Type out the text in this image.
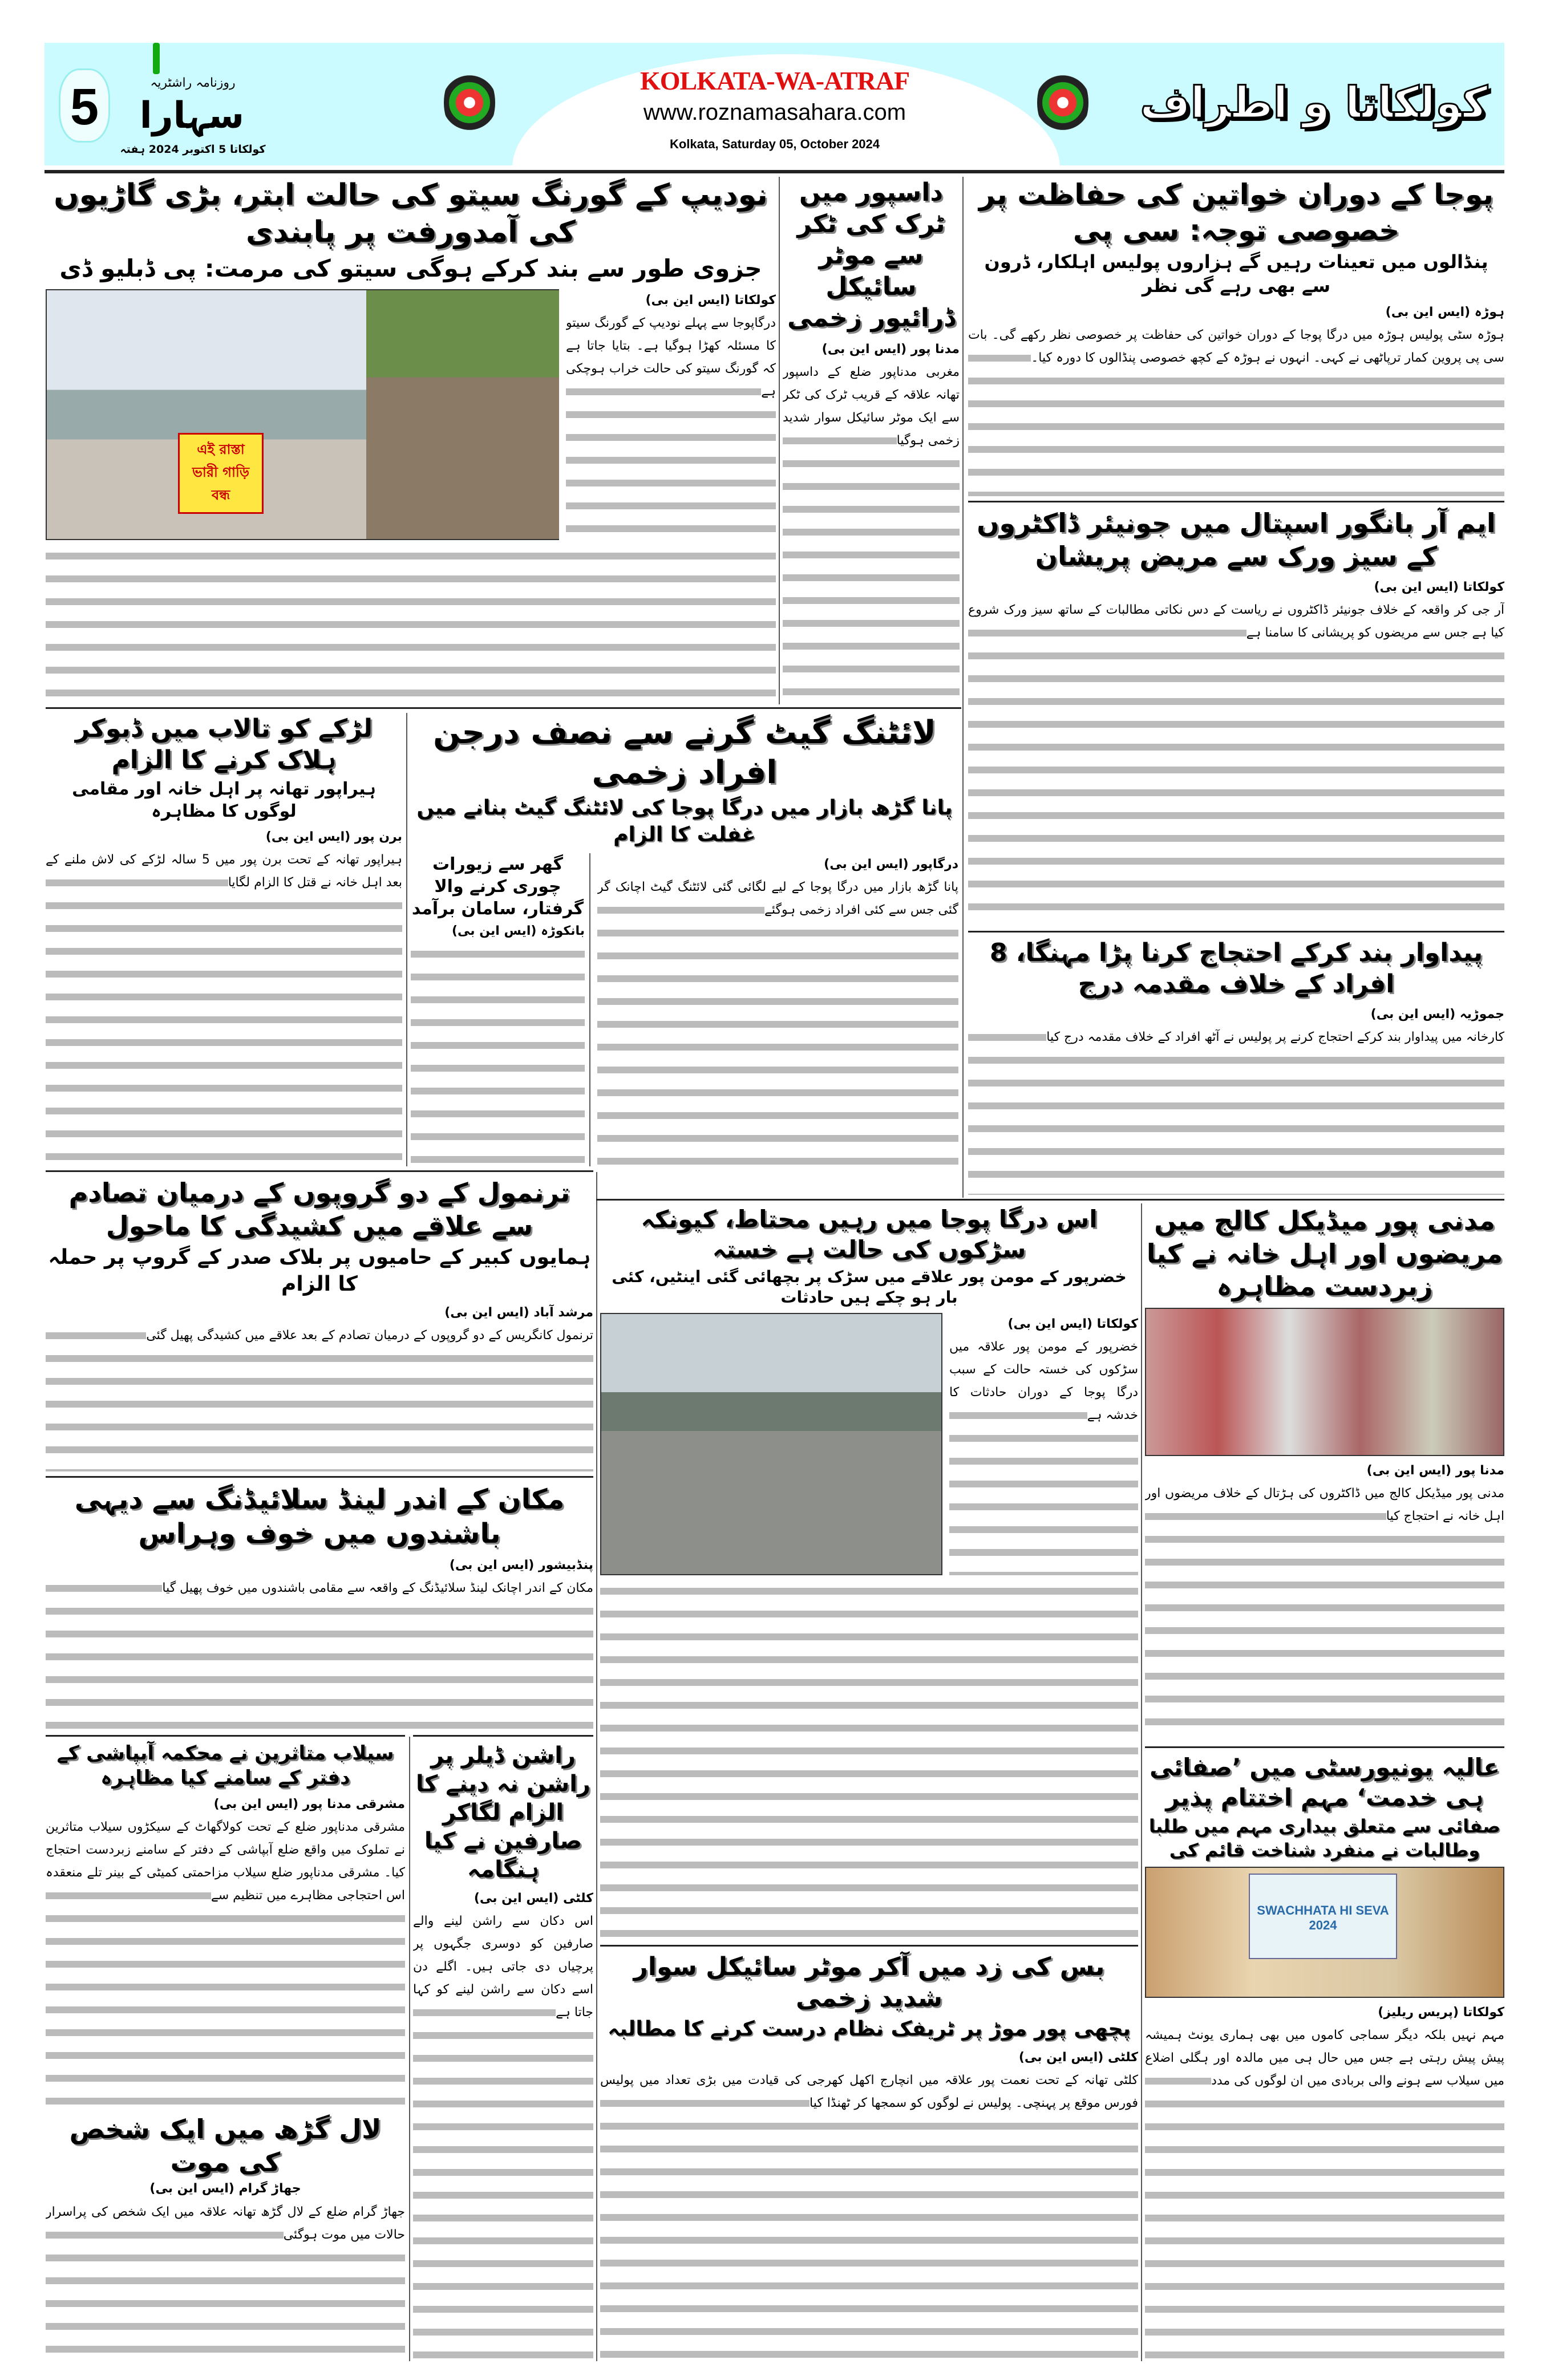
5	روزنامہ راشٹریہ
سہارا
کولکاتا 5 اکتوبر 2024 ہفتہ
KOLKATA-WA-ATRAF
www.roznamasahara.com
Kolkata, Saturday 05, October 2024
کولکاتا و اطراف
نودیپ کے گورنگ سیتو کی حالت ابتر، بڑی گاڑیوں کی آمدورفت پر پابندی
جزوی طور سے بند کرکے ہوگی سیتو کی مرمت: پی ڈبلیو ڈی
کولکاتا (ایس این بی)
درگاپوجا سے پہلے نودیپ کے گورنگ سیتو کا مسئلہ کھڑا ہوگیا ہے۔ بتایا جاتا ہے کہ گورنگ سیتو کی حالت خراب ہوچکی ہے
এই রাস্তা ভারী গাড়ি বন্ধ
داسپور میں ٹرک کی ٹکر سے موٹر سائیکل ڈرائیور زخمی
مدنا پور (ایس این بی)
مغربی مدناپور ضلع کے داسپور تھانہ علاقہ کے قریب ٹرک کی ٹکر سے ایک موٹر سائیکل سوار شدید زخمی ہوگیا
پوجا کے دوران خواتین کی حفاظت پر خصوصی توجہ: سی پی
پنڈالوں میں تعینات رہیں گے ہزاروں پولیس اہلکار، ڈرون سے بھی رہے گی نظر
ہوڑہ (ایس این بی)
ہوڑہ سٹی پولیس ہوڑہ میں درگا پوجا کے دوران خواتین کی حفاظت پر خصوصی نظر رکھے گی۔ بات سی پی پروین کمار ترپاٹھی نے کہی۔ انہوں نے ہوڑہ کے کچھ خصوصی پنڈالوں کا دورہ کیا۔
ایم آر بانگور اسپتال میں جونیئر ڈاکٹروں کے سیز ورک سے مریض پریشان
کولکاتا (ایس این بی)
آر جی کر واقعہ کے خلاف جونیئر ڈاکٹروں نے ریاست کے دس نکاتی مطالبات کے ساتھ سیز ورک شروع کیا ہے جس سے مریضوں کو پریشانی کا سامنا ہے
پیداوار بند کرکے احتجاج کرنا پڑا مہنگا، 8 افراد کے خلاف مقدمہ درج
جموڑیہ (ایس این بی)
کارخانہ میں پیداوار بند کرکے احتجاج کرنے پر پولیس نے آٹھ افراد کے خلاف مقدمہ درج کیا
لڑکے کو تالاب میں ڈبوکر ہلاک کرنے کا الزام
ہیراپور تھانہ پر اہل خانہ اور مقامی لوگوں کا مظاہرہ
برن پور (ایس این بی)
ہیراپور تھانہ کے تحت برن پور میں 5 سالہ لڑکے کی لاش ملنے کے بعد اہل خانہ نے قتل کا الزام لگایا
لائٹنگ گیٹ گرنے سے نصف درجن افراد زخمی
پانا گڑھ بازار میں درگا پوجا کی لائٹنگ گیٹ بنانے میں غفلت کا الزام
درگاپور (ایس این بی)
پانا گڑھ بازار میں درگا پوجا کے لیے لگائی گئی لائٹنگ گیٹ اچانک گر گئی جس سے کئی افراد زخمی ہوگئے
گھر سے زیورات چوری کرنے والا گرفتار، سامان برآمد
بانکوڑہ (ایس این بی)
ترنمول کے دو گروپوں کے درمیان تصادم سے علاقے میں کشیدگی کا ماحول
ہمایوں کبیر کے حامیوں پر بلاک صدر کے گروپ پر حملہ کا الزام
مرشد آباد (ایس این بی)
ترنمول کانگریس کے دو گروپوں کے درمیان تصادم کے بعد علاقے میں کشیدگی پھیل گئی
مکان کے اندر لینڈ سلائیڈنگ سے دیہی باشندوں میں خوف وہراس
پنڈبیشور (ایس این بی)
مکان کے اندر اچانک لینڈ سلائیڈنگ کے واقعہ سے مقامی باشندوں میں خوف پھیل گیا
اس درگا پوجا میں رہیں محتاط، کیونکہ سڑکوں کی حالت ہے خستہ
خضرپور کے مومن پور علاقے میں سڑک پر بچھائی گئی اینٹیں، کئی بار ہو چکے ہیں حادثات
کولکاتا (ایس این بی)
خضرپور کے مومن پور علاقہ میں سڑکوں کی خستہ حالت کے سبب درگا پوجا کے دوران حادثات کا خدشہ ہے
مدنی پور میڈیکل کالج میں مریضوں اور اہل خانہ نے کیا زبردست مظاہرہ
مدنا پور (ایس این بی)
مدنی پور میڈیکل کالج میں ڈاکٹروں کی ہڑتال کے خلاف مریضوں اور اہل خانہ نے احتجاج کیا
سیلاب متاثرین نے محکمہ آبپاشی کے دفتر کے سامنے کیا مظاہرہ
مشرقی مدنا پور (ایس این بی)
مشرقی مدناپور ضلع کے تحت کولاگھاٹ کے سیکڑوں سیلاب متاثرین نے تملوک میں واقع ضلع آبپاشی کے دفتر کے سامنے زبردست احتجاج کیا۔ مشرقی مدناپور ضلع سیلاب مزاحمتی کمیٹی کے بینر تلے منعقدہ اس احتجاجی مظاہرے میں تنظیم سے
راشن ڈیلر پر راشن نہ دینے کا الزام لگاکر صارفین نے کیا ہنگامہ
کلٹی (ایس این بی)
اس دکان سے راشن لینے والے صارفین کو دوسری جگہوں پر پرچیاں دی جاتی ہیں۔ اگلے دن اسے دکان سے راشن لینے کو کہا جاتا ہے
لال گڑھ میں ایک شخص کی موت
جھاڑ گرام (ایس این بی)
جھاڑ گرام ضلع کے لال گڑھ تھانہ علاقہ میں ایک شخص کی پراسرار حالات میں موت ہوگئی
بس کی زد میں آکر موٹر سائیکل سوار شدید زخمی
پچھی پور موڑ پر ٹریفک نظام درست کرنے کا مطالبہ
کلٹی (ایس این بی)
کلٹی تھانہ کے تحت نعمت پور علاقہ میں انچارج اکھل کھرجی کی قیادت میں بڑی تعداد میں پولیس فورس موقع پر پہنچی۔ پولیس نے لوگوں کو سمجھا کر ٹھنڈا کیا
عالیہ یونیورسٹی میں ’صفائی ہی خدمت‘ مہم اختتام پذیر
صفائی سے متعلق بیداری مہم میں طلبا وطالبات نے منفرد شناخت قائم کی
SWACHHATA HI SEVA 2024
کولکاتا (پریس ریلیز)
مہم نہیں بلکہ دیگر سماجی کاموں میں بھی ہماری یونٹ ہمیشہ پیش پیش رہتی ہے جس میں حال ہی میں مالدہ اور ہگلی اضلاع میں سیلاب سے ہونے والی بربادی میں ان لوگوں کی مدد
